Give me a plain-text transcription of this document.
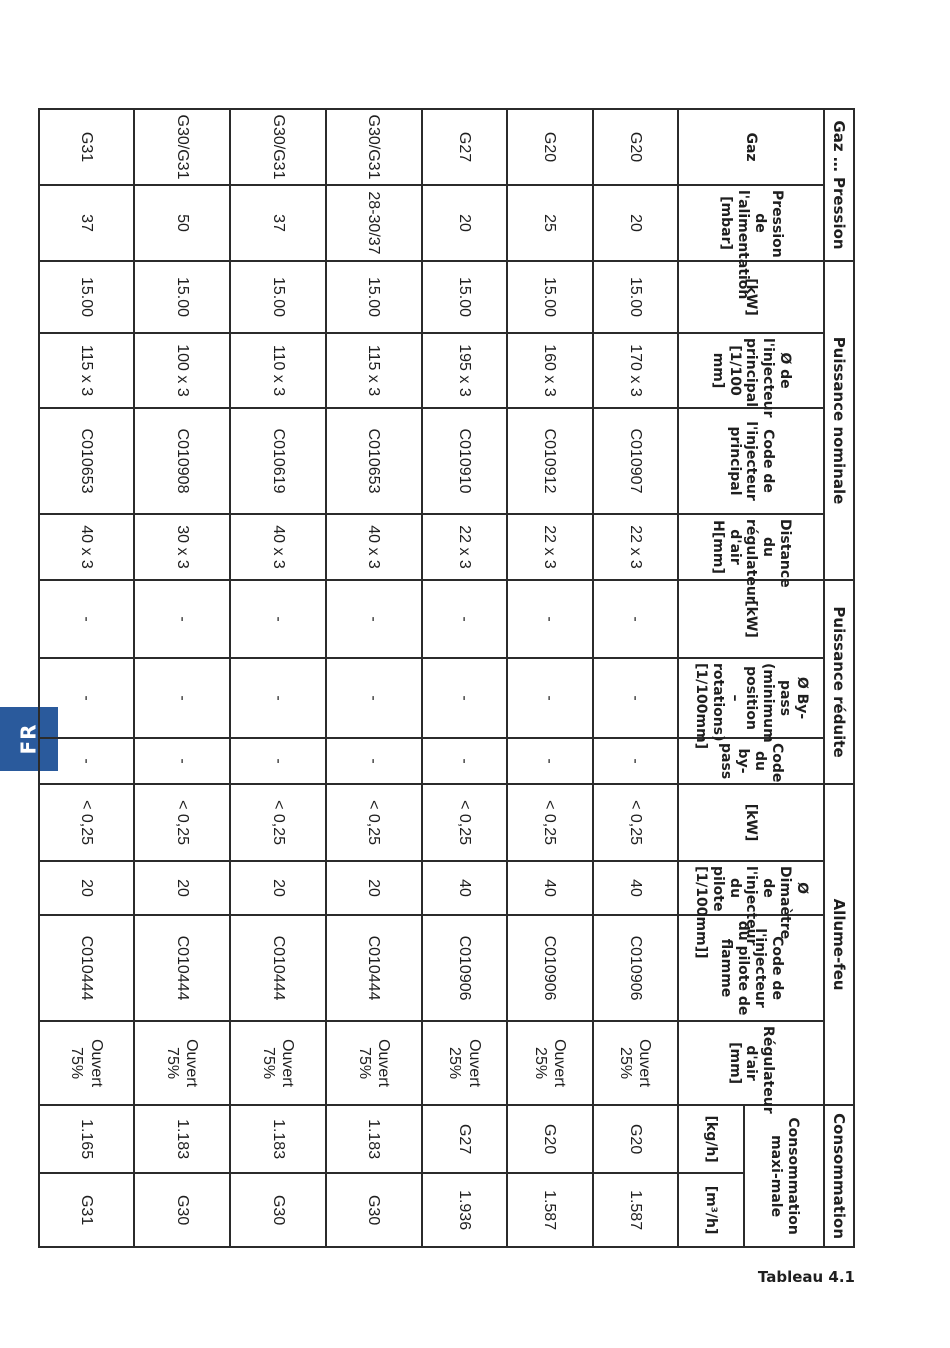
FR
Gaz … Pression		Puissance nominale				Puissance réduite			Allume-feu				Consommation	
Gaz	Pression de l'alimentation [mbar]	[kW]	Ø de l'injecteur principal [1/100 mm]	Code de l'injecteur principal	Distance du régulateur d'air H[mm]	[kW]	Ø By-pass (minimum position – rotations) [1/100mm]	Code du by-pass	[kW]	Ø Dimaètre de l'injecteur du pilote [1/100mm]]	Code de l'injecteur du pilote de flamme	Régulateur d'air [mm]	Consommation maxi-male	
													[kg/h]	[m³/h]
G20	20	15.00	170 x 3	C010907	22 x 3	-	-	-	< 0,25	40	C010906	Ouvert 25%	G20	1.587
G20	25	15.00	160 x 3	C010912	22 x 3	-	-	-	< 0,25	40	C010906	Ouvert 25%	G20	1.587
G27	20	15.00	195 x 3	C010910	22 x 3	-	-	-	< 0,25	40	C010906	Ouvert 25%	G27	1.936
G30/G31	28-30/37	15.00	115 x 3	C010653	40 x 3	-	-	-	< 0,25	20	C010444	Ouvert 75%	1.183	G30
G30/G31	37	15.00	110 x 3	C010619	40 x 3	-	-	-	< 0,25	20	C010444	Ouvert 75%	1.183	G30
G30/G31	50	15.00	100 x 3	C010908	30 x 3	-	-	-	< 0,25	20	C010444	Ouvert 75%	1.183	G30
G31	37	15.00	115 x 3	C010653	40 x 3	-	-	-	< 0,25	20	C010444	Ouvert 75%	1.165	G31
Tableau 4.1
